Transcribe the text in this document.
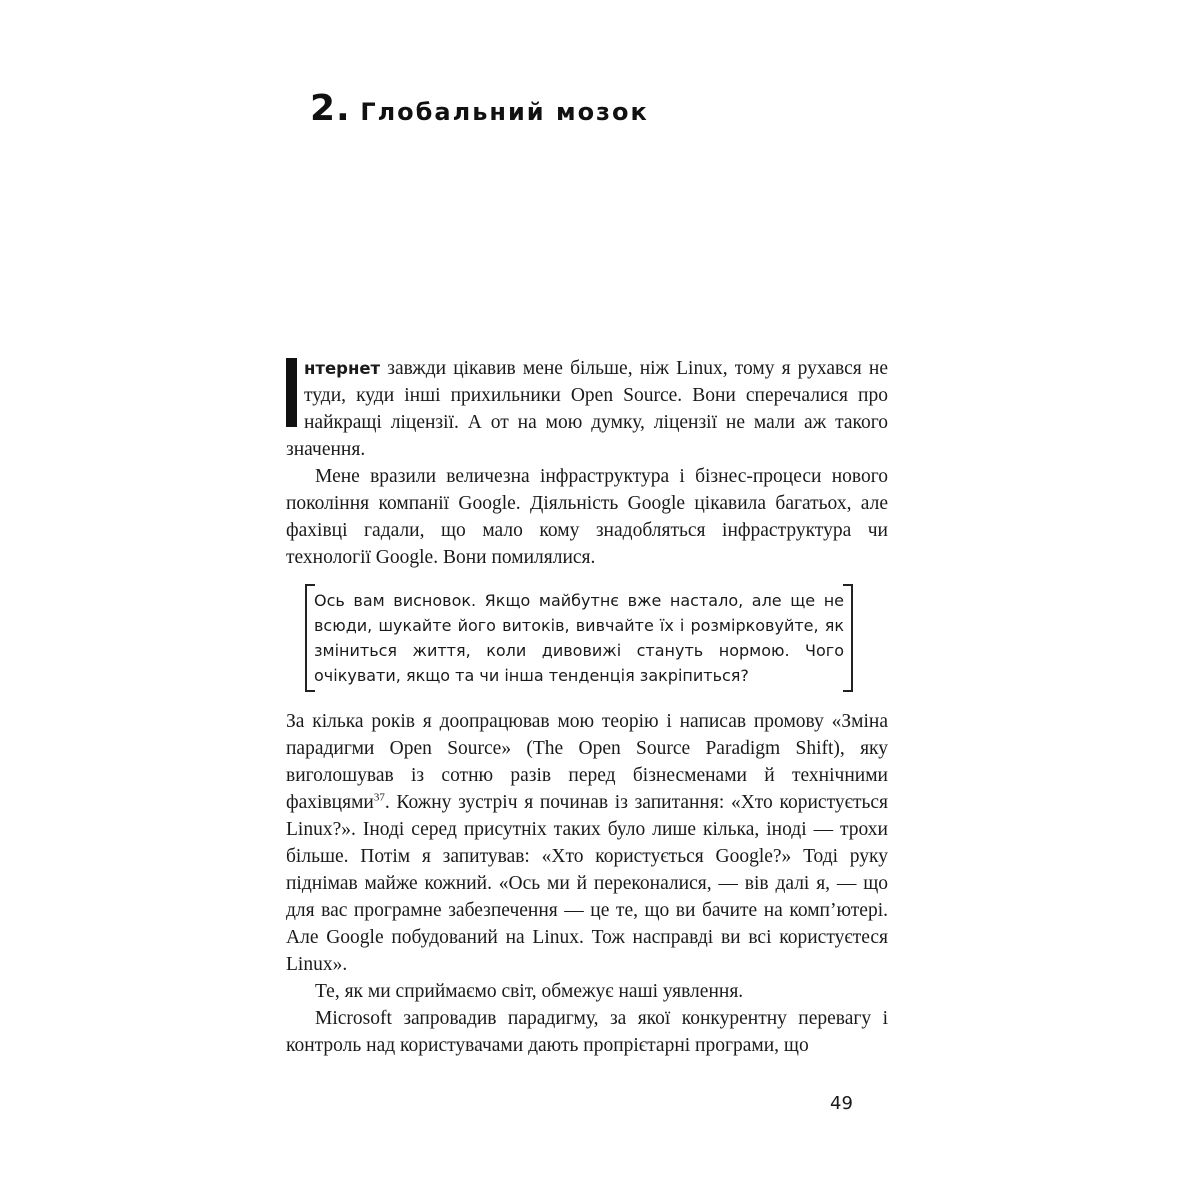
2. Глобальний мозок

нтернет завжди цікавив мене більше, ніж Linux, тому я рухався не туди, куди інші прихильники Open Source. Вони сперечалися про найкращі ліцензії. А от на мою думку, ліцензії не мали аж такого значення.

Мене вразили величезна інфраструктура і бізнес-процеси нового покоління компанії Google. Діяльність Google цікавила багатьох, але фахівці гадали, що мало кому знадобляться інфраструктура чи технології Google. Вони помилялися.

Ось вам висновок. Якщо майбутнє вже настало, але ще не всюди, шукайте його витоків, вивчайте їх і розмірковуйте, як зміниться життя, коли дивовижі стануть нормою. Чого очікувати, якщо та чи інша тенденція закріпиться?

За кілька років я доопрацював мою теорію і написав промову «Зміна парадигми Open Source» (The Open Source Paradigm Shift), яку виголошував із сотню разів перед бізнесменами й технічними фахівцями$^{37}$. Кожну зустріч я починав із запитання: «Хто користується Linux?». Іноді серед присутніх таких було лише кілька, іноді — трохи більше. Потім я запитував: «Хто користується Google?» Тоді руку піднімав майже кожний. «Ось ми й переконалися, — вів далі я, — що для вас програмне забезпечення — це те, що ви бачите на комп’ютері. Але Google побудований на Linux. Тож насправді ви всі користуєтеся Linux».

Те, як ми сприймаємо світ, обмежує наші уявлення.

Microsoft запровадив парадигму, за якої конкурентну перевагу і контроль над користувачами дають пропрієтарні програми, що

49
